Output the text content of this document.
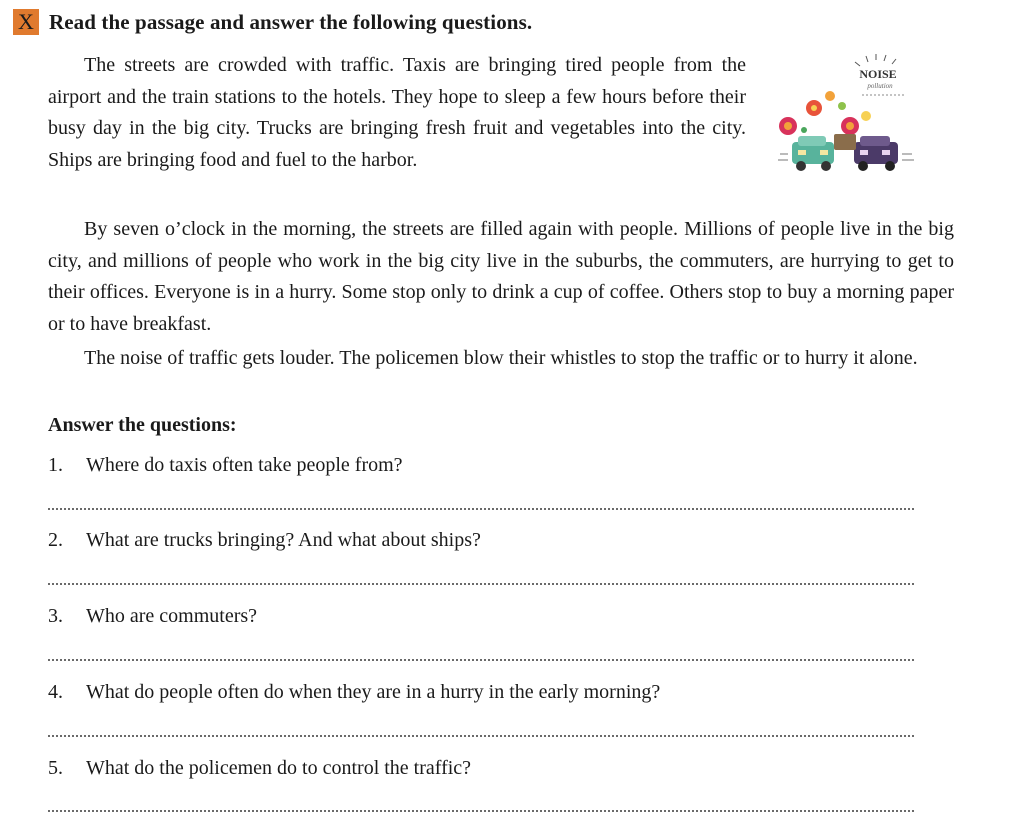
X Read the passage and answer the following questions.

The streets are crowded with traffic. Taxis are bringing tired people from the airport and the train stations to the hotels. They hope to sleep a few hours before their busy day in the big city. Trucks are bringing fresh fruit and vegetables into the city. Ships are bringing food and fuel to the harbor.

NOISE
pollution

By seven o’clock in the morning, the streets are filled again with people. Millions of people live in the big city, and millions of people who work in the big city live in the suburbs, the commuters, are hurrying to get to their offices. Everyone is in a hurry. Some stop only to drink a cup of coffee. Others stop to buy a morning paper or to have breakfast.

The noise of traffic gets louder. The policemen blow their whistles to stop the traffic or to hurry it alone.

Answer the questions:
1. Where do taxis often take people from?
2. What are trucks bringing? And what about ships?
3. Who are commuters?
4. What do people often do when they are in a hurry in the early morning?
5. What do the policemen do to control the traffic?
